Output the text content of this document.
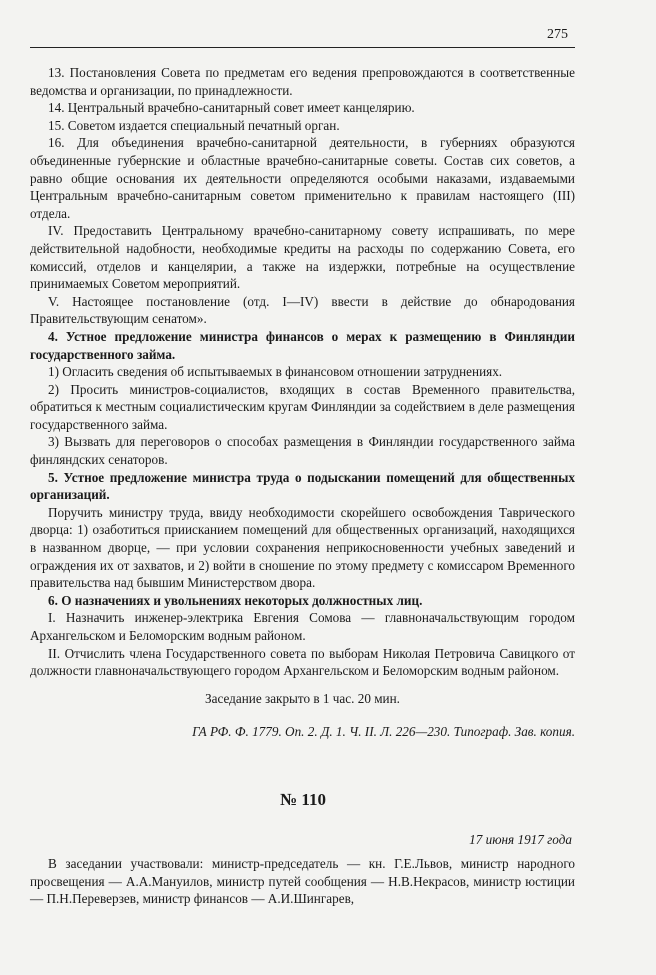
275

13. Постановления Совета по предметам его ведения препровождаются в соответственные ведомства и организации, по принадлежности.

14. Центральный врачебно-санитарный совет имеет канцелярию.

15. Советом издается специальный печатный орган.

16. Для объединения врачебно-санитарной деятельности, в губерниях образуются объединенные губернские и областные врачебно-санитарные советы. Состав сих советов, а равно общие основания их деятельности определяются особыми наказами, издаваемыми Центральным врачебно-санитарным советом применительно к правилам настоящего (III) отдела.

IV. Предоставить Центральному врачебно-санитарному совету испрашивать, по мере действительной надобности, необходимые кредиты на расходы по содержанию Совета, его комиссий, отделов и канцелярии, а также на издержки, потребные на осуществление принимаемых Советом мероприятий.

V. Настоящее постановление (отд. I—IV) ввести в действие до обнародования Правительствующим сенатом».

4. Устное предложение министра финансов о мерах к размещению в Финляндии государственного займа.

1) Огласить сведения об испытываемых в финансовом отношении затруднениях.

2) Просить министров-социалистов, входящих в состав Временного правительства, обратиться к местным социалистическим кругам Финляндии за содействием в деле размещения государственного займа.

3) Вызвать для переговоров о способах размещения в Финляндии государственного займа финляндских сенаторов.

5. Устное предложение министра труда о подыскании помещений для общественных организаций.

Поручить министру труда, ввиду необходимости скорейшего освобождения Таврического дворца: 1) озаботиться приисканием помещений для общественных организаций, находящихся в названном дворце, — при условии сохранения неприкосновенности учебных заведений и ограждения их от захватов, и 2) войти в сношение по этому предмету с комиссаром Временного правительства над бывшим Министерством двора.

6. О назначениях и увольнениях некоторых должностных лиц.

I. Назначить инженер-электрика Евгения Сомова — главноначальствующим городом Архангельском и Беломорским водным районом.

II. Отчислить члена Государственного совета по выборам Николая Петровича Савицкого от должности главноначальствующего городом Архангельском и Беломорским водным районом.

Заседание закрыто в 1 час. 20 мин.

ГА РФ. Ф. 1779. Оп. 2. Д. 1. Ч. II. Л. 226—230. Типограф. Зав. копия.

№ 110
17 июня 1917 года

В заседании участвовали: министр-председатель — кн. Г.Е.Львов, министр народного просвещения — А.А.Мануилов, министр путей сообщения — Н.В.Некрасов, министр юстиции — П.Н.Переверзев, министр финансов — А.И.Шингарев,
